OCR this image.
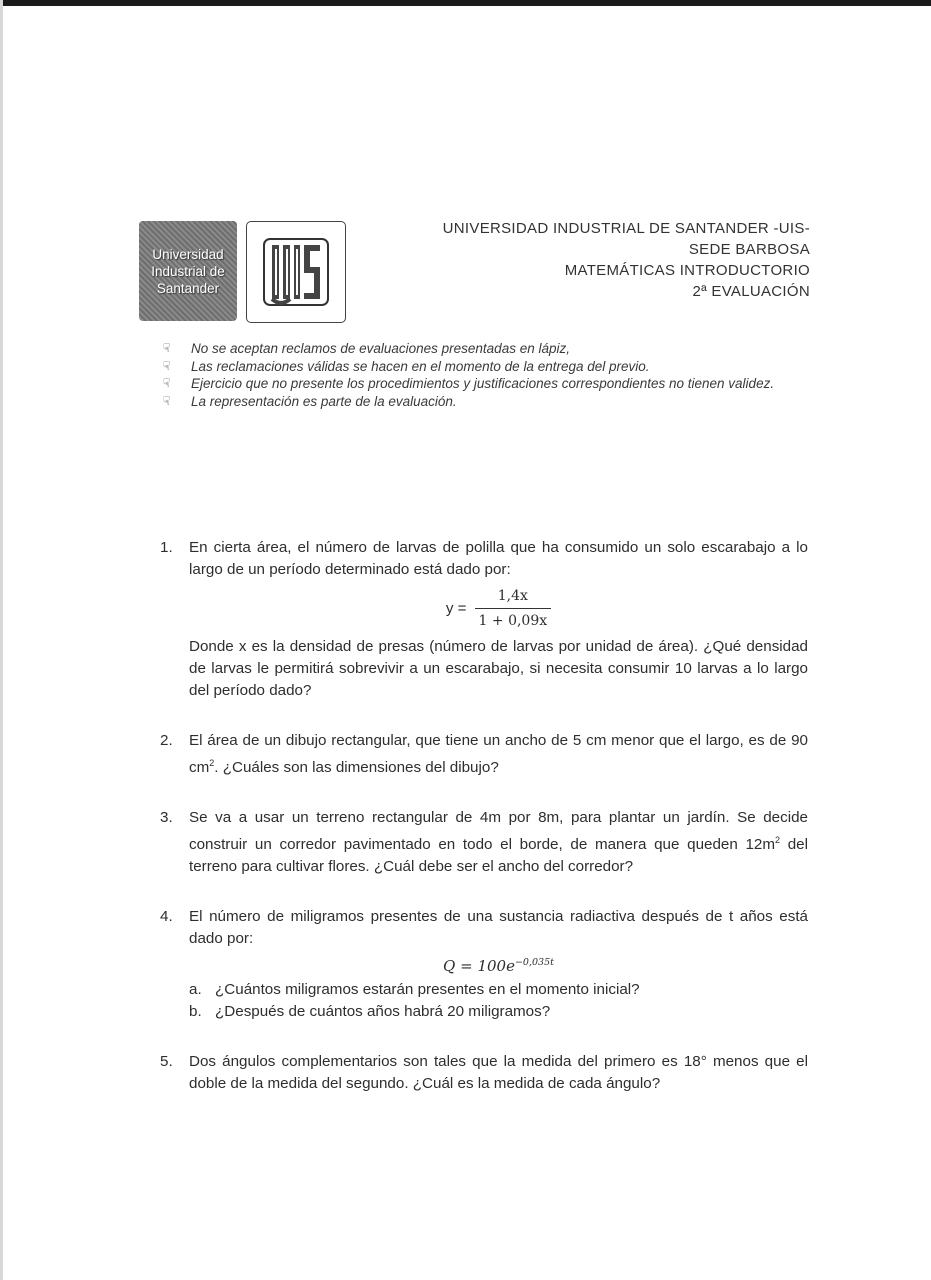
Universidad
Industrial de
Santander
UNIVERSIDAD INDUSTRIAL DE SANTANDER -UIS-
SEDE BARBOSA
MATEMÁTICAS INTRODUCTORIO
2ª EVALUACIÓN
☟	No se aceptan reclamos de evaluaciones presentadas en lápiz,
☟	Las reclamaciones válidas se hacen en el momento de la entrega del previo.
☟	Ejercicio que no presente los procedimientos y justificaciones correspondientes no tienen validez.
☟	La representación es parte de la evaluación.
1.	En cierta área, el número de larvas de polilla que ha consumido un solo escarabajo a lo largo de un período determinado está dado por:
$y = \frac{1,4x}{1 + 0,09x}$
Donde x es la densidad de presas (número de larvas por unidad de área). ¿Qué densidad de larvas le permitirá sobrevivir a un escarabajo, si necesita consumir 10 larvas a lo largo del período dado?
2.	El área de un dibujo rectangular, que tiene un ancho de 5 cm menor que el largo, es de 90 $cm^2$. ¿Cuáles son las dimensiones del dibujo?
3.	Se va a usar un terreno rectangular de 4m por 8m, para plantar un jardín. Se decide construir un corredor pavimentado en todo el borde, de manera que queden $12m^2$ del terreno para cultivar flores. ¿Cuál debe ser el ancho del corredor?
4.	El número de miligramos presentes de una sustancia radiactiva después de t años está dado por:
$Q = 100e^{-0,035t}$
a. ¿Cuántos miligramos estarán presentes en el momento inicial?
b. ¿Después de cuántos años habrá 20 miligramos?
5.	Dos ángulos complementarios son tales que la medida del primero es 18° menos que el doble de la medida del segundo. ¿Cuál es la medida de cada ángulo?
